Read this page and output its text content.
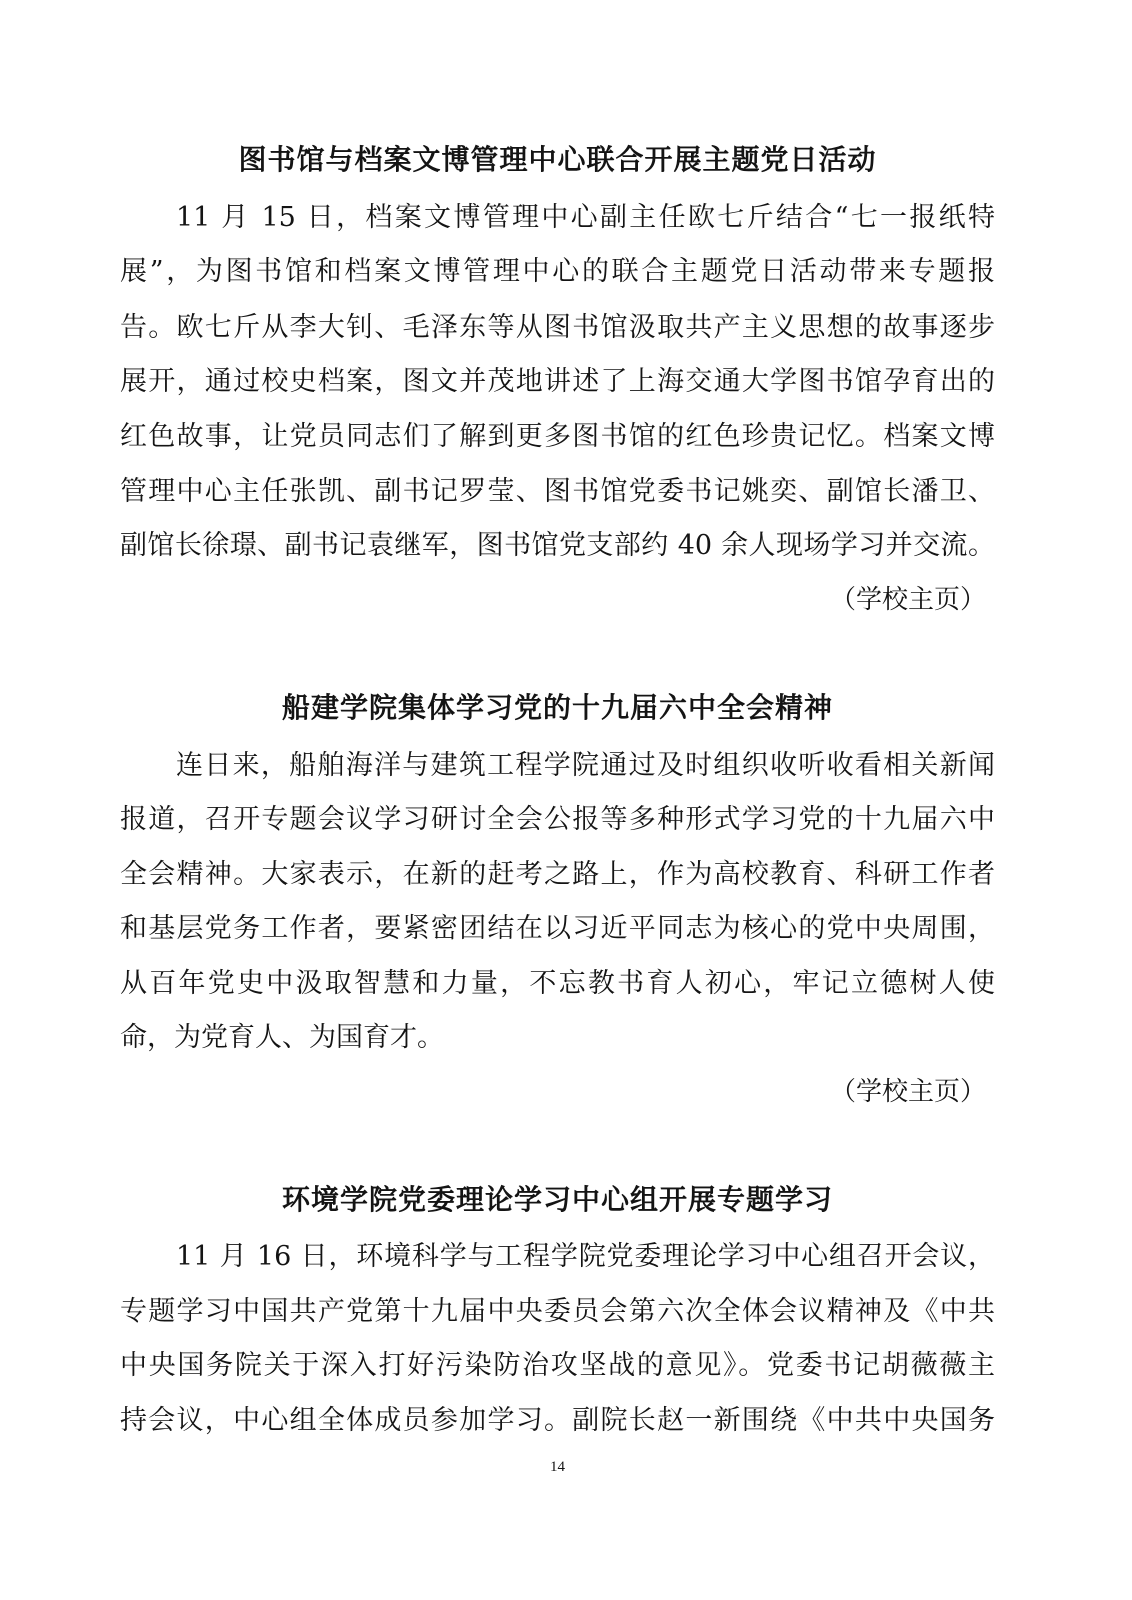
图书馆与档案文博管理中心联合开展主题党日活动
11 月 15 日，档案文博管理中心副主任欧七斤结合“七一报纸特
展”，为图书馆和档案文博管理中心的联合主题党日活动带来专题报
告。欧七斤从李大钊、毛泽东等从图书馆汲取共产主义思想的故事逐步
展开，通过校史档案，图文并茂地讲述了上海交通大学图书馆孕育出的
红色故事，让党员同志们了解到更多图书馆的红色珍贵记忆。档案文博
管理中心主任张凯、副书记罗莹、图书馆党委书记姚奕、副馆长潘卫、
副馆长徐璟、副书记袁继军，图书馆党支部约 40 余人现场学习并交流。
（学校主页）
船建学院集体学习党的十九届六中全会精神
连日来，船舶海洋与建筑工程学院通过及时组织收听收看相关新闻
报道，召开专题会议学习研讨全会公报等多种形式学习党的十九届六中
全会精神。大家表示，在新的赶考之路上，作为高校教育、科研工作者
和基层党务工作者，要紧密团结在以习近平同志为核心的党中央周围，
从百年党史中汲取智慧和力量，不忘教书育人初心，牢记立德树人使
命，为党育人、为国育才。
（学校主页）
环境学院党委理论学习中心组开展专题学习
11 月 16 日，环境科学与工程学院党委理论学习中心组召开会议，
专题学习中国共产党第十九届中央委员会第六次全体会议精神及《中共
中央国务院关于深入打好污染防治攻坚战的意见》。党委书记胡薇薇主
持会议，中心组全体成员参加学习。副院长赵一新围绕《中共中央国务
14
